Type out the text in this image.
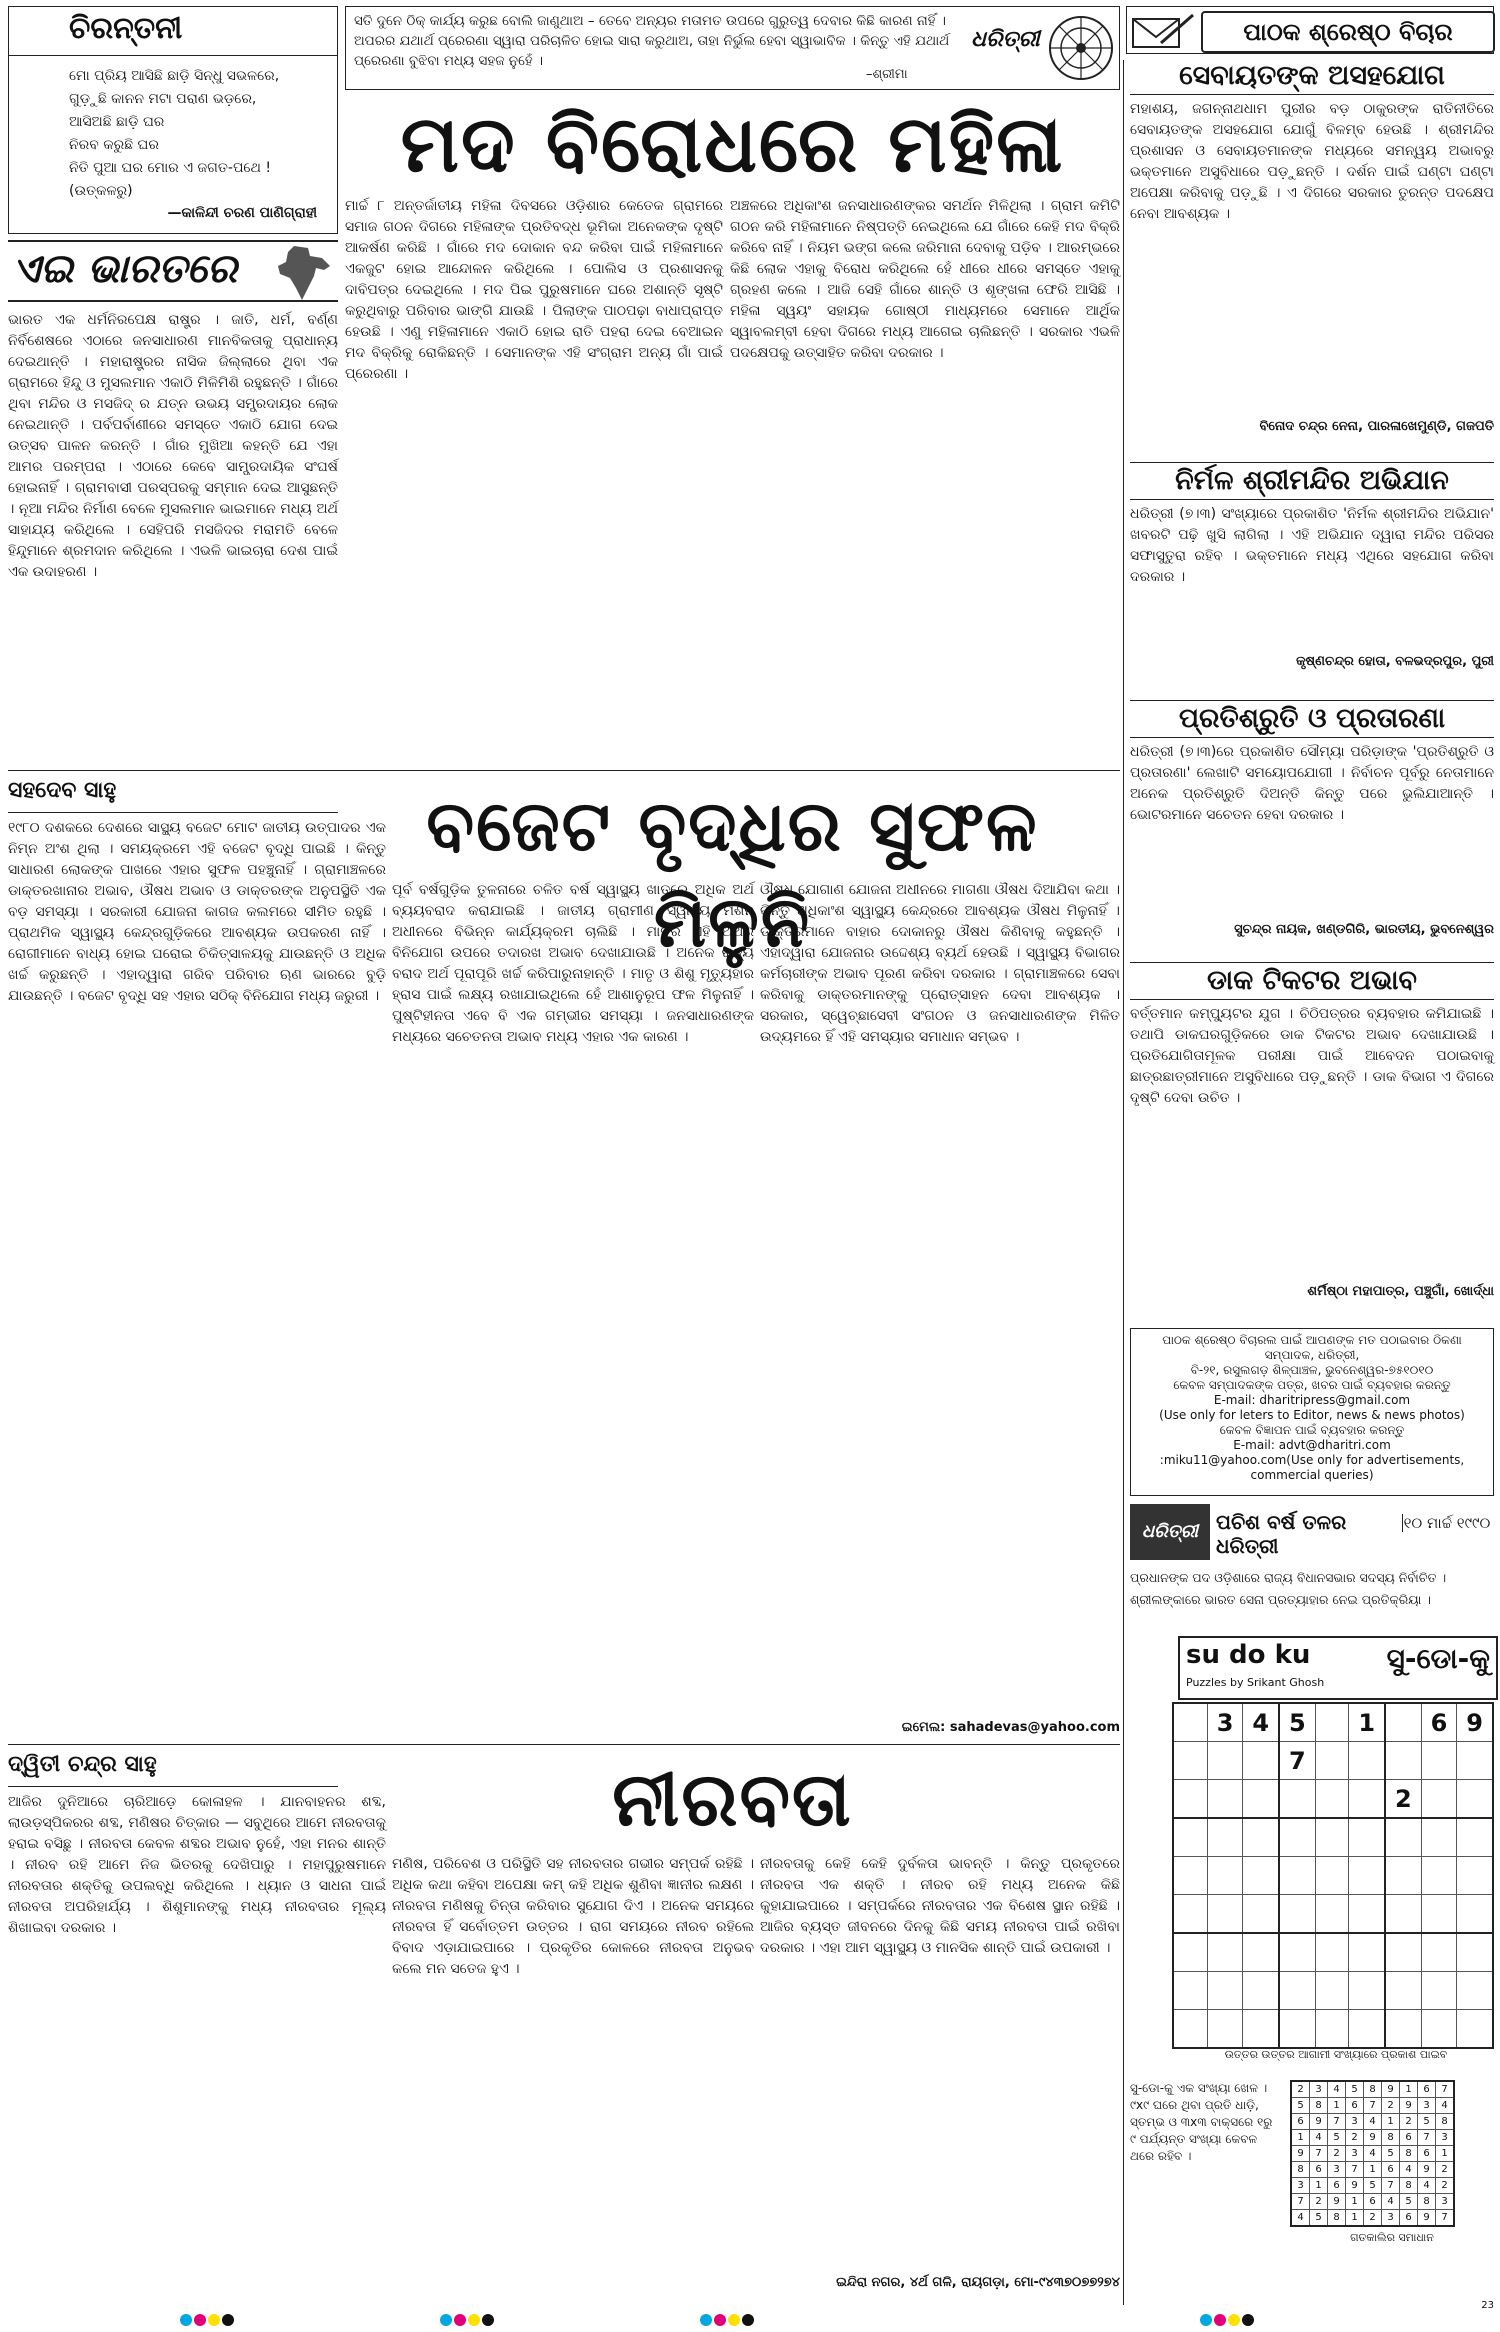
ଚିରନ୍ତନୀ
ମୋ ପ୍ରିୟ ଆସିଛି ଛାଡ଼ି ସିନ୍ଧୁ ସଭଳରେ,
ଗୁଡ଼ୁଛି କାନନ ମଟା ପରାଣ ଭଡ଼ରେ,
ଆସିଅଛି ଛାଡ଼ି ଘର
ନିରବ କରୁଛି ଘର
ନିତି ପୁଆ ଘର ମୋର ଏ ଜଗତ-ପଥେ !
(ଉତ୍କଳରୁ)
—କାଳିନ୍ଦୀ ଚରଣ ପାଣିଗ୍ରାହୀ
ସତି ଦୁନେ ଠିକ୍ କାର୍ଯ୍ୟ କରୁଛ ବୋଲି ଜାଣୁଥାଅ – ତେବେ ଅନ୍ୟର ମତାମତ ଉପରେ ଗୁରୁତ୍ୱ ଦେବାର କିଛି କାରଣ ନାହିଁ । ଅପରର ଯଥାର୍ଥ ପ୍ରେରଣା ସ୍ୱାରା ପରିଚାଳିତ ହୋଇ ସାରା କରୁଥାଅ, ତାହା ନିର୍ଭୁଲ ହେବା ସ୍ୱାଭାବିକ । କିନ୍ତୁ ଏହି ଯଥାର୍ଥ ପ୍ରେରଣା ବୁଝିବା ମଧ୍ୟ ସହଜ ନୁହେଁ ।
–ଶ୍ରୀମା
ଧରିତ୍ରୀ	ପାଠକ ଶ୍ରେଷ୍ଠ ବିଚାର
ମଦ ବିରୋଧରେ ମହିଳା
ଏଇ ଭାରତରେ
ଭାରତ ଏକ ଧର୍ମନିରପେକ୍ଷ ରାଷ୍ଟ୍ର । ଜାତି, ଧର୍ମ, ବର୍ଣ୍ଣ ନିର୍ବିଶେଷରେ ଏଠାରେ ଜନସାଧାରଣ ମାନବିକତାକୁ ପ୍ରାଧାନ୍ୟ ଦେଇଥାନ୍ତି । ମହାରାଷ୍ଟ୍ରର ନାସିକ ଜିଲ୍ଲାରେ ଥିବା ଏକ ଗ୍ରାମରେ ହିନ୍ଦୁ ଓ ମୁସଲମାନ ଏକାଠି ମିଳିମିଶି ରହୁଛନ୍ତି । ଗାଁରେ ଥିବା ମନ୍ଦିର ଓ ମସଜିଦ୍ ର ଯତ୍ନ ଉଭୟ ସମ୍ପ୍ରଦାୟର ଲୋକ ନେଇଥାନ୍ତି । ପର୍ବପର୍ବାଣୀରେ ସମସ୍ତେ ଏକାଠି ଯୋଗ ଦେଇ ଉତ୍ସବ ପାଳନ କରନ୍ତି । ଗାଁର ମୁଖିଆ କହନ୍ତି ଯେ ଏହା ଆମର ପରମ୍ପରା । ଏଠାରେ କେବେ ସାମ୍ପ୍ରଦାୟିକ ସଂଘର୍ଷ ହୋଇନାହିଁ । ଗ୍ରାମବାସୀ ପରସ୍ପରକୁ ସମ୍ମାନ ଦେଇ ଆସୁଛନ୍ତି । ନୂଆ ମନ୍ଦିର ନିର୍ମାଣ ବେଳେ ମୁସଲମାନ ଭାଇମାନେ ମଧ୍ୟ ଅର୍ଥ ସାହାଯ୍ୟ କରିଥିଲେ । ସେହିପରି ମସଜିଦର ମରାମତି ବେଳେ ହିନ୍ଦୁମାନେ ଶ୍ରମଦାନ କରିଥିଲେ । ଏଭଳି ଭାଇଚାରା ଦେଶ ପାଇଁ ଏକ ଉଦାହରଣ ।
ମାର୍ଚ୍ଚ ୮ ଅନ୍ତର୍ଜାତୀୟ ମହିଳା ଦିବସରେ ଓଡ଼ିଶାର କେତେକ ଗ୍ରାମରେ ସମାଜ ଗଠନ ଦିଗରେ ମହିଳାଙ୍କ ପ୍ରତିବଦ୍ଧ ଭୂମିକା ଅନେକଙ୍କ ଦୃଷ୍ଟି ଆକର୍ଷଣ କରିଛି । ଗାଁରେ ମଦ ଦୋକାନ ବନ୍ଦ କରିବା ପାଇଁ ମହିଳାମାନେ ଏକଜୁଟ ହୋଇ ଆନ୍ଦୋଳନ କରିଥିଲେ । ପୋଲିସ ଓ ପ୍ରଶାସନକୁ ଦାବିପତ୍ର ଦେଇଥିଲେ । ମଦ ପିଇ ପୁରୁଷମାନେ ଘରେ ଅଶାନ୍ତି ସୃଷ୍ଟି କରୁଥିବାରୁ ପରିବାର ଭାଙ୍ଗି ଯାଉଛି । ପିଲାଙ୍କ ପାଠପଢ଼ା ବାଧାପ୍ରାପ୍ତ ହେଉଛି । ଏଣୁ ମହିଳାମାନେ ଏକାଠି ହୋଇ ରାତି ପହରା ଦେଇ ବେଆଇନ ମଦ ବିକ୍ରିକୁ ରୋକିଛନ୍ତି । ସେମାନଙ୍କ ଏହି ସଂଗ୍ରାମ ଅନ୍ୟ ଗାଁ ପାଇଁ ପ୍ରେରଣା ।
ଅଞ୍ଚଳରେ ଅଧିକାଂଶ ଜନସାଧାରଣଙ୍କର ସମର୍ଥନ ମିଳିଥିଲା । ଗ୍ରାମ କମିଟି ଗଠନ କରି ମହିଳାମାନେ ନିଷ୍ପତ୍ତି ନେଇଥିଲେ ଯେ ଗାଁରେ କେହି ମଦ ବିକ୍ରି କରିବେ ନାହିଁ । ନିୟମ ଭଙ୍ଗ କଲେ ଜରିମାନା ଦେବାକୁ ପଡ଼ିବ । ଆରମ୍ଭରେ କିଛି ଲୋକ ଏହାକୁ ବିରୋଧ କରିଥିଲେ ହେଁ ଧୀରେ ଧୀରେ ସମସ୍ତେ ଏହାକୁ ଗ୍ରହଣ କଲେ । ଆଜି ସେହି ଗାଁରେ ଶାନ୍ତି ଓ ଶୃଙ୍ଖଳା ଫେରି ଆସିଛି । ମହିଳା ସ୍ୱୟଂ ସହାୟକ ଗୋଷ୍ଠୀ ମାଧ୍ୟମରେ ସେମାନେ ଆର୍ଥିକ ସ୍ୱାବଲମ୍ବୀ ହେବା ଦିଗରେ ମଧ୍ୟ ଆଗେଇ ଚାଲିଛନ୍ତି । ସରକାର ଏଭଳି ପଦକ୍ଷେପକୁ ଉତ୍ସାହିତ କରିବା ଦରକାର ।
ସହଦେବ ସାହୁ	ବଜେଟ ବୃଦ୍ଧିର ସୁଫଳ ମିଳୁନି
୧୯୮୦ ଦଶକରେ ଦେଶରେ ସାସ୍ଥ୍ୟ ବଜେଟ ମୋଟ ଜାତୀୟ ଉତ୍ପାଦର ଏକ ନିମ୍ନ ଅଂଶ ଥିଲା । ସମୟକ୍ରମେ ଏହି ବଜେଟ ବୃଦ୍ଧି ପାଇଛି । କିନ୍ତୁ ସାଧାରଣ ଲୋକଙ୍କ ପାଖରେ ଏହାର ସୁଫଳ ପହଞ୍ଚୁନାହିଁ । ଗ୍ରାମାଞ୍ଚଳରେ ଡାକ୍ତରଖାନାର ଅଭାବ, ଔଷଧ ଅଭାବ ଓ ଡାକ୍ତରଙ୍କ ଅନୁପସ୍ଥିତି ଏକ ବଡ଼ ସମସ୍ୟା । ସରକାରୀ ଯୋଜନା କାଗଜ କଲମରେ ସୀମିତ ରହୁଛି । ପ୍ରାଥମିକ ସ୍ୱାସ୍ଥ୍ୟ କେନ୍ଦ୍ରଗୁଡ଼ିକରେ ଆବଶ୍ୟକ ଉପକରଣ ନାହିଁ । ରୋଗୀମାନେ ବାଧ୍ୟ ହୋଇ ଘରୋଇ ଚିକିତ୍ସାଳୟକୁ ଯାଉଛନ୍ତି ଓ ଅଧିକ ଖର୍ଚ୍ଚ କରୁଛନ୍ତି । ଏହାଦ୍ୱାରା ଗରିବ ପରିବାର ଋଣ ଭାରରେ ବୁଡ଼ି ଯାଉଛନ୍ତି । ବଜେଟ ବୃଦ୍ଧି ସହ ଏହାର ସଠିକ୍ ବିନିଯୋଗ ମଧ୍ୟ ଜରୁରୀ ।
ପୂର୍ବ ବର୍ଷଗୁଡ଼ିକ ତୁଳନାରେ ଚଳିତ ବର୍ଷ ସ୍ୱାସ୍ଥ୍ୟ ଖାତରେ ଅଧିକ ଅର୍ଥ ବ୍ୟୟବରାଦ କରାଯାଇଛି । ଜାତୀୟ ଗ୍ରାମୀଣ ସ୍ୱାସ୍ଥ୍ୟ ମିଶନ ଅଧୀନରେ ବିଭିନ୍ନ କାର୍ଯ୍ୟକ୍ରମ ଚାଲିଛି । ମାତ୍ର ଏହି ଅର୍ଥର ବିନିଯୋଗ ଉପରେ ତଦାରଖ ଅଭାବ ଦେଖାଯାଉଛି । ଅନେକ ରାଜ୍ୟ ବରାଦ ଅର୍ଥ ପୂରାପୂରି ଖର୍ଚ୍ଚ କରିପାରୁନାହାନ୍ତି । ମାତୃ ଓ ଶିଶୁ ମୃତ୍ୟୁହାର ହ୍ରାସ ପାଇଁ ଲକ୍ଷ୍ୟ ରଖାଯାଇଥିଲେ ହେଁ ଆଶାନୁରୂପ ଫଳ ମିଳୁନାହିଁ । ପୁଷ୍ଟିହୀନତା ଏବେ ବି ଏକ ଗମ୍ଭୀର ସମସ୍ୟା । ଜନସାଧାରଣଙ୍କ ମଧ୍ୟରେ ସଚେତନତା ଅଭାବ ମଧ୍ୟ ଏହାର ଏକ କାରଣ ।
ଔଷଧ ଯୋଗାଣ ଯୋଜନା ଅଧୀନରେ ମାଗଣା ଔଷଧ ଦିଆଯିବା କଥା । କିନ୍ତୁ ଅଧିକାଂଶ ସ୍ୱାସ୍ଥ୍ୟ କେନ୍ଦ୍ରରେ ଆବଶ୍ୟକ ଔଷଧ ମିଳୁନାହିଁ । ଡାକ୍ତରମାନେ ବାହାର ଦୋକାନରୁ ଔଷଧ କିଣିବାକୁ କହୁଛନ୍ତି । ଏହାଦ୍ୱାରା ଯୋଜନାର ଉଦ୍ଦେଶ୍ୟ ବ୍ୟର୍ଥ ହେଉଛି । ସ୍ୱାସ୍ଥ୍ୟ ବିଭାଗର କର୍ମଚାରୀଙ୍କ ଅଭାବ ପୂରଣ କରିବା ଦରକାର । ଗ୍ରାମାଞ୍ଚଳରେ ସେବା କରିବାକୁ ଡାକ୍ତରମାନଙ୍କୁ ପ୍ରୋତ୍ସାହନ ଦେବା ଆବଶ୍ୟକ । ସରକାର, ସ୍ୱେଚ୍ଛାସେବୀ ସଂଗଠନ ଓ ଜନସାଧାରଣଙ୍କ ମିଳିତ ଉଦ୍ୟମରେ ହିଁ ଏହି ସମସ୍ୟାର ସମାଧାନ ସମ୍ଭବ ।
ଇମେଲ: sahadevas@yahoo.com
ଦ୍ୱିତୀ ଚନ୍ଦ୍ର ସାହୁ	ନୀରବତା
ଆଜିର ଦୁନିଆରେ ଚାରିଆଡ଼େ କୋଳାହଳ । ଯାନବାହନର ଶବ୍ଦ, ଲାଉଡ଼ସ୍ପିକରର ଶବ୍ଦ, ମଣିଷର ଚିତ୍କାର — ସବୁଥିରେ ଆମେ ନୀରବତାକୁ ହରାଇ ବସିଛୁ । ନୀରବତା କେବଳ ଶବ୍ଦର ଅଭାବ ନୁହେଁ, ଏହା ମନର ଶାନ୍ତି । ନୀରବ ରହି ଆମେ ନିଜ ଭିତରକୁ ଦେଖିପାରୁ । ମହାପୁରୁଷମାନେ ନୀରବତାର ଶକ୍ତିକୁ ଉପଲବ୍ଧି କରିଥିଲେ । ଧ୍ୟାନ ଓ ସାଧନା ପାଇଁ ନୀରବତା ଅପରିହାର୍ଯ୍ୟ । ଶିଶୁମାନଙ୍କୁ ମଧ୍ୟ ନୀରବତାର ମୂଲ୍ୟ ଶିଖାଇବା ଦରକାର ।
ମଣିଷ, ପରିବେଶ ଓ ପରିସ୍ଥିତି ସହ ନୀରବତାର ଗଭୀର ସମ୍ପର୍କ ରହିଛି । ଅଧିକ କଥା କହିବା ଅପେକ୍ଷା କମ୍ କହି ଅଧିକ ଶୁଣିବା ଜ୍ଞାନୀର ଲକ୍ଷଣ । ନୀରବତା ମଣିଷକୁ ଚିନ୍ତା କରିବାର ସୁଯୋଗ ଦିଏ । ଅନେକ ସମୟରେ ନୀରବତା ହିଁ ସର୍ବୋତ୍ତମ ଉତ୍ତର । ରାଗ ସମୟରେ ନୀରବ ରହିଲେ ବିବାଦ ଏଡ଼ାଯାଇପାରେ । ପ୍ରକୃତିର କୋଳରେ ନୀରବତା ଅନୁଭବ କଲେ ମନ ସତେଜ ହୁଏ ।
ନୀରବତାକୁ କେହି କେହି ଦୁର୍ବଳତା ଭାବନ୍ତି । କିନ୍ତୁ ପ୍ରକୃତରେ ନୀରବତା ଏକ ଶକ୍ତି । ନୀରବ ରହି ମଧ୍ୟ ଅନେକ କିଛି କୁହାଯାଇପାରେ । ସମ୍ପର୍କରେ ନୀରବତାର ଏକ ବିଶେଷ ସ୍ଥାନ ରହିଛି । ଆଜିର ବ୍ୟସ୍ତ ଜୀବନରେ ଦିନକୁ କିଛି ସମୟ ନୀରବତା ପାଇଁ ରଖିବା ଦରକାର । ଏହା ଆମ ସ୍ୱାସ୍ଥ୍ୟ ଓ ମାନସିକ ଶାନ୍ତି ପାଇଁ ଉପକାରୀ ।
ଇନ୍ଦିରା ନଗର, ୪ର୍ଥ ଗଳି, ରାୟଗଡ଼ା, ମୋ-୯୪୩୭୦୭୭୨୭୪
ସେବାୟତଙ୍କ ଅସହଯୋଗ
ମହାଶୟ, ଜଗନ୍ନାଥଧାମ ପୁରୀର ବଡ଼ ଠାକୁରଙ୍କ ରାତିନୀତିରେ ସେବାୟତଙ୍କ ଅସହଯୋଗ ଯୋଗୁଁ ବିଳମ୍ବ ହେଉଛି । ଶ୍ରୀମନ୍ଦିର ପ୍ରଶାସନ ଓ ସେବାୟତମାନଙ୍କ ମଧ୍ୟରେ ସମନ୍ୱୟ ଅଭାବରୁ ଭକ୍ତମାନେ ଅସୁବିଧାରେ ପଡ଼ୁଛନ୍ତି । ଦର୍ଶନ ପାଇଁ ଘଣ୍ଟା ଘଣ୍ଟା ଅପେକ୍ଷା କରିବାକୁ ପଡ଼ୁଛି । ଏ ଦିଗରେ ସରକାର ତୁରନ୍ତ ପଦକ୍ଷେପ ନେବା ଆବଶ୍ୟକ ।
ବିନୋଦ ଚନ୍ଦ୍ର ନେନା, ପାରଳାଖେମୁଣ୍ଡି, ଗଜପତି
ନିର୍ମଳ ଶ୍ରୀମନ୍ଦିର ଅଭିଯାନ
ଧରିତ୍ରୀ (୭।୩) ସଂଖ୍ୟାରେ ପ୍ରକାଶିତ 'ନିର୍ମଳ ଶ୍ରୀମନ୍ଦିର ଅଭିଯାନ' ଖବରଟି ପଢ଼ି ଖୁସି ଲାଗିଲା । ଏହି ଅଭିଯାନ ଦ୍ୱାରା ମନ୍ଦିର ପରିସର ସଫାସୁତୁରା ରହିବ । ଭକ୍ତମାନେ ମଧ୍ୟ ଏଥିରେ ସହଯୋଗ କରିବା ଦରକାର ।
କୃଷ୍ଣଚନ୍ଦ୍ର ହୋତା, ବଳଭଦ୍ରପୁର, ପୁରୀ
ପ୍ରତିଶ୍ରୁତି ଓ ପ୍ରତାରଣା
ଧରିତ୍ରୀ (୭।୩)ରେ ପ୍ରକାଶିତ ସୌମ୍ୟା ପରିଡ଼ାଙ୍କ 'ପ୍ରତିଶ୍ରୁତି ଓ ପ୍ରତାରଣା' ଲେଖାଟି ସମୟୋପଯୋଗୀ । ନିର୍ବାଚନ ପୂର୍ବରୁ ନେତାମାନେ ଅନେକ ପ୍ରତିଶ୍ରୁତି ଦିଅନ୍ତି କିନ୍ତୁ ପରେ ଭୁଲିଯାଆନ୍ତି । ଭୋଟରମାନେ ସଚେତନ ହେବା ଦରକାର ।
ସୁଚନ୍ଦ୍ର ନାୟକ, ଖଣ୍ଡଗିରି, ଭାରତୀୟ, ଭୁବନେଶ୍ୱର
ଡାକ ଟିକଟର ଅଭାବ
ବର୍ତ୍ତମାନ କମ୍ପ୍ୟୁଟର ଯୁଗ । ଚିଠିପତ୍ରର ବ୍ୟବହାର କମିଯାଇଛି । ତଥାପି ଡାକଘରଗୁଡ଼ିକରେ ଡାକ ଟିକଟର ଅଭାବ ଦେଖାଯାଉଛି । ପ୍ରତିଯୋଗିତାମୂଳକ ପରୀକ୍ଷା ପାଇଁ ଆବେଦନ ପଠାଇବାକୁ ଛାତ୍ରଛାତ୍ରୀମାନେ ଅସୁବିଧାରେ ପଡ଼ୁଛନ୍ତି । ଡାକ ବିଭାଗ ଏ ଦିଗରେ ଦୃଷ୍ଟି ଦେବା ଉଚିତ ।
ଶର୍ମିଷ୍ଠା ମହାପାତ୍ର, ପଞ୍ଚୁଗାଁ, ଖୋର୍ଦ୍ଧା
ପାଠକ ଶ୍ରେଷ୍ଠ ବିଚାରଲ ପାଇଁ ଆପଣଙ୍କ ମତ ପଠାଇବାର ଠିକଣା
ସମ୍ପାଦକ, ଧରିତ୍ରୀ,
ବି-୨୧, ରସୁଲଗଡ଼ ଶିଳ୍ପାଞ୍ଚଳ, ଭୁବନେଶ୍ୱର-୭୫୧୦୧୦
କେବଳ ସମ୍ପାଦକଙ୍କ ପତ୍ର, ଖବର ପାଇଁ ବ୍ୟବହାର କରନ୍ତୁ
E-mail: dharitripress@gmail.com
(Use only for leters to Editor, news & news photos)
କେବଳ ବିଜ୍ଞାପନ ପାଇଁ ବ୍ୟବହାର କରନ୍ତୁ
E-mail: advt@dharitri.com
:miku11@yahoo.com(Use only for advertisements, commercial queries)
ଧରିତ୍ରୀ ପଚିଶ ବର୍ଷ ତଳର ଧରିତ୍ରୀ
୧୦ ମାର୍ଚ୍ଚ ୧୯୯୦
ପ୍ରଧାନଙ୍କ ପଦ ଓଡ଼ିଶାରେ ରାଜ୍ୟ ବିଧାନସଭାର ସଦସ୍ୟ ନିର୍ବାଚିତ ।
ଶ୍ରୀଲଙ୍କାରେ ଭାରତ ସେନା ପ୍ରତ୍ୟାହାର ନେଇ ପ୍ରତିକ୍ରିୟା ।
su do ku
Puzzles by Srikant Ghosh
ସୁ-ଡୋ-କୁ
	3	4	5		1		6	9
			7					
						2		

ଉତ୍ତର ଉତ୍ତର ଆଗାମୀ ସଂଖ୍ୟାରେ ପ୍ରକାଶ ପାଇବ
ସୁ-ଡୋ-କୁ ଏକ ସଂଖ୍ୟା ଖେଳ । ୯x୯ ଘରେ ଥିବା ପ୍ରତି ଧାଡ଼ି, ସ୍ତମ୍ଭ ଓ ୩x୩ ବାକ୍ସରେ ୧ରୁ ୯ ପର୍ଯ୍ୟନ୍ତ ସଂଖ୍ୟା କେବଳ ଥରେ ରହିବ ।
2	3	4	5	8	9	1	6	7
5	8	1	6	7	2	9	3	4
6	9	7	3	4	1	2	5	8
1	4	5	2	9	8	6	7	3
9	7	2	3	4	5	8	6	1
8	6	3	7	1	6	4	9	2
3	1	6	9	5	7	8	4	2
7	2	9	1	6	4	5	8	3
4	5	8	1	2	3	6	9	7
ଗତକାଲିର ସମାଧାନ
23
